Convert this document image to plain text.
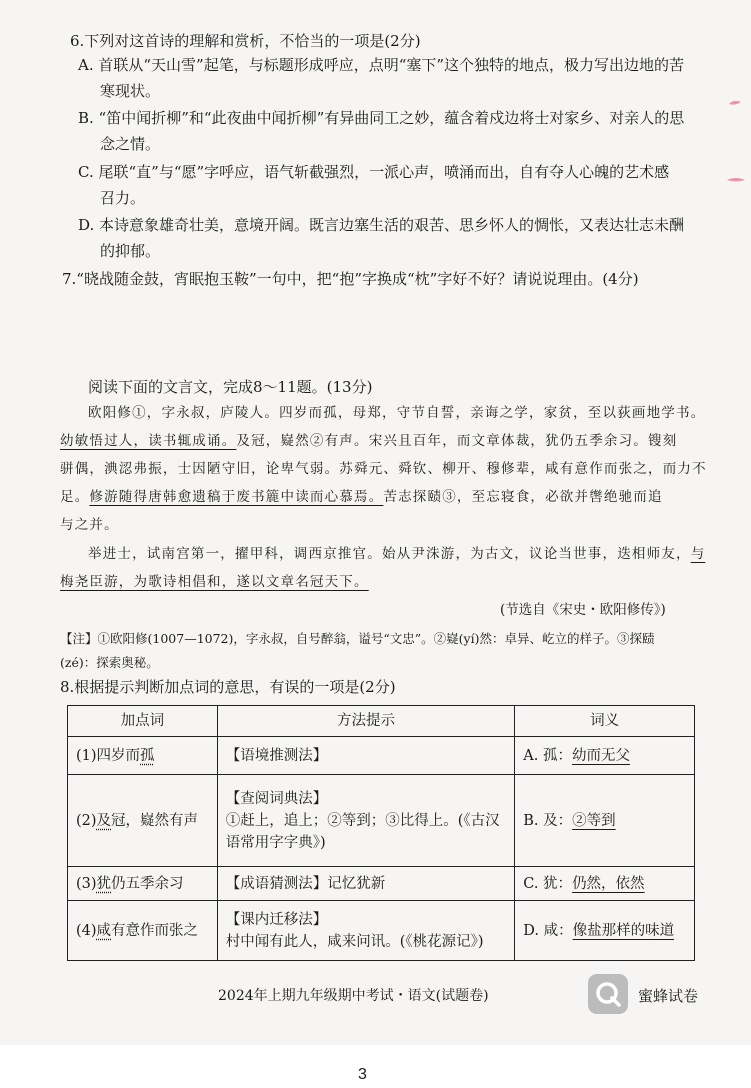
6.下列对这首诗的理解和赏析，不恰当的一项是(2分)
A. 首联从“天山雪”起笔，与标题形成呼应，点明“塞下”这个独特的地点，极力写出边地的苦
寒现状。
B. “笛中闻折柳”和“此夜曲中闻折柳”有异曲同工之妙，蕴含着戍边将士对家乡、对亲人的思
念之情。
C. 尾联“直”与“愿”字呼应，语气斩截强烈，一派心声，喷涌而出，自有夺人心魄的艺术感
召力。
D. 本诗意象雄奇壮美，意境开阔。既言边塞生活的艰苦、思乡怀人的惆怅，又表达壮志未酬
的抑郁。
7.“晓战随金鼓，宵眠抱玉鞍”一句中，把“抱”字换成“枕”字好不好？请说说理由。(4分)
阅读下面的文言文，完成8～11题。(13分)
欧阳修①，字永叔，庐陵人。四岁而孤，母郑，守节自誓，亲诲之学，家贫，至以荻画地学书。
幼敏悟过人，读书辄成诵。及冠，嶷然②有声。宋兴且百年，而文章体裁，犹仍五季余习。锼刻
骈偶，淟涊弗振，士因陋守旧，论卑气弱。苏舜元、舜钦、柳开、穆修辈，咸有意作而张之，而力不
足。修游随得唐韩愈遗稿于废书簏中读而心慕焉。苦志探赜③，至忘寝食，必欲并辔绝驰而追
与之并。
举进士，试南宫第一，擢甲科，调西京推官。始从尹洙游，为古文，议论当世事，迭相师友，与
梅尧臣游，为歌诗相倡和，遂以文章名冠天下。
(节选自《宋史・欧阳修传》)
【注】①欧阳修(1007—1072)，字永叔，自号醉翁，谥号“文忠”。②嶷(yí)然：卓异、屹立的样子。③探赜
(zé)：探索奥秘。
8.根据提示判断加点词的意思，有误的一项是(2分)
加点词	方法提示	词义
(1)四岁而孤	【语境推测法】	A. 孤：幼而无父
(2)及冠，嶷然有声	【查阅词典法】
①赶上，追上；②等到；③比得上。(《古汉语常用字字典》)	B. 及：②等到
(3)犹仍五季余习	【成语猜测法】记忆犹新	C. 犹：仍然，依然
(4)咸有意作而张之	【课内迁移法】
村中闻有此人，咸来问讯。(《桃花源记》)	D. 咸：像盐那样的味道
2024年上期九年级期中考试・语文(试题卷)	蜜蜂试卷
3
